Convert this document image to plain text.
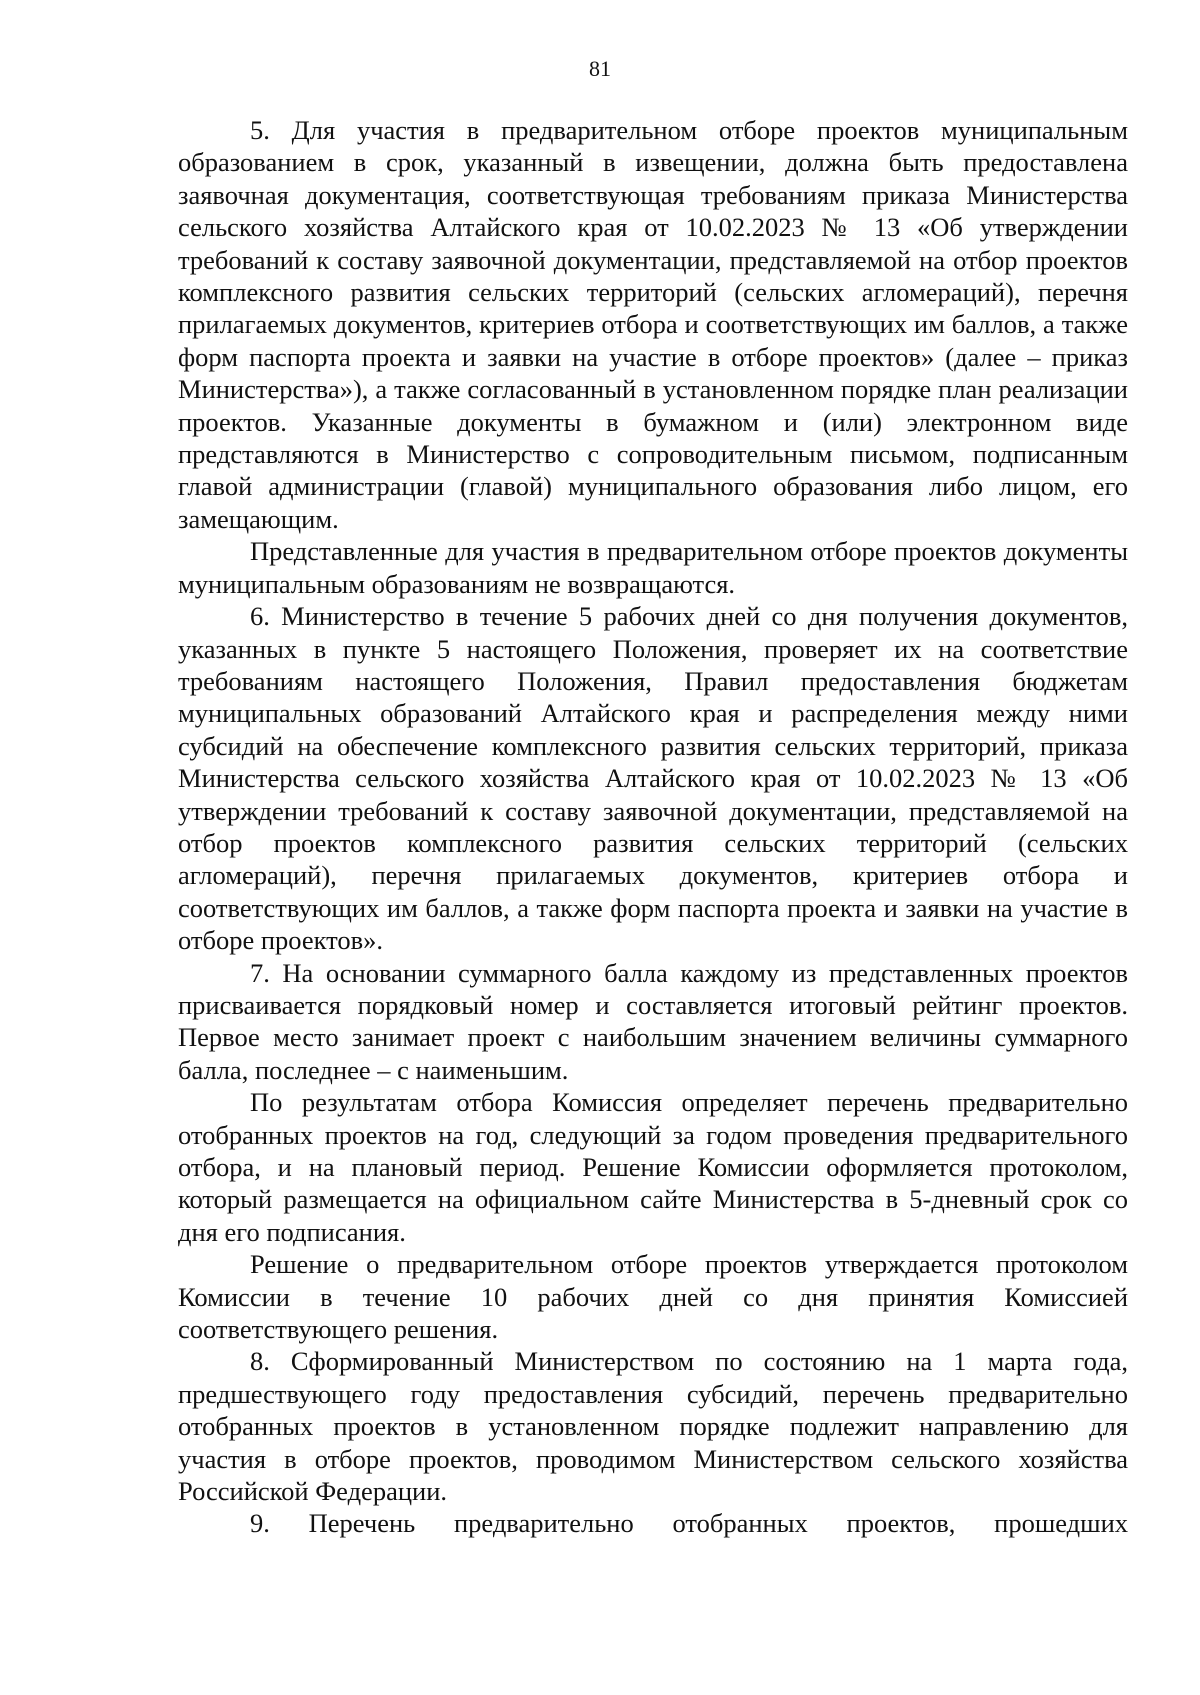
81

5. Для участия в предварительном отборе проектов муниципальным образованием в срок, указанный в извещении, должна быть предоставлена заявочная документация, соответствующая требованиям приказа Министерства сельского хозяйства Алтайского края от 10.02.2023 № 13 «Об утверждении требований к составу заявочной документации, представляемой на отбор проектов комплексного развития сельских территорий (сельских агломераций), перечня прилагаемых документов, критериев отбора и соответствующих им баллов, а также форм паспорта проекта и заявки на участие в отборе проектов» (далее – приказ Министерства»), а также согласованный в установленном порядке план реализации проектов. Указанные документы в бумажном и (или) электронном виде представляются в Министерство с сопроводительным письмом, подписанным главой администрации (главой) муниципального образования либо лицом, его замещающим.

Представленные для участия в предварительном отборе проектов документы муниципальным образованиям не возвращаются.

6. Министерство в течение 5 рабочих дней со дня получения документов, указанных в пункте 5 настоящего Положения, проверяет их на соответствие требованиям настоящего Положения, Правил предоставления бюджетам муниципальных образований Алтайского края и распределения между ними субсидий на обеспечение комплексного развития сельских территорий, приказа Министерства сельского хозяйства Алтайского края от 10.02.2023 № 13 «Об утверждении требований к составу заявочной документации, представляемой на отбор проектов комплексного развития сельских территорий (сельских агломераций), перечня прилагаемых документов, критериев отбора и соответствующих им баллов, а также форм паспорта проекта и заявки на участие в отборе проектов».

7. На основании суммарного балла каждому из представленных проектов присваивается порядковый номер и составляется итоговый рейтинг проектов. Первое место занимает проект с наибольшим значением величины суммарного балла, последнее – с наименьшим.

По результатам отбора Комиссия определяет перечень предварительно отобранных проектов на год, следующий за годом проведения предварительного отбора, и на плановый период. Решение Комиссии оформляется протоколом, который размещается на официальном сайте Министерства в 5-дневный срок со дня его подписания.

Решение о предварительном отборе проектов утверждается протоколом Комиссии в течение 10 рабочих дней со дня принятия Комиссией соответствующего решения.

8. Сформированный Министерством по состоянию на 1 марта года, предшествующего году предоставления субсидий, перечень предварительно отобранных проектов в установленном порядке подлежит направлению для участия в отборе проектов, проводимом Министерством сельского хозяйства Российской Федерации.

9. Перечень предварительно отобранных проектов, прошедших
